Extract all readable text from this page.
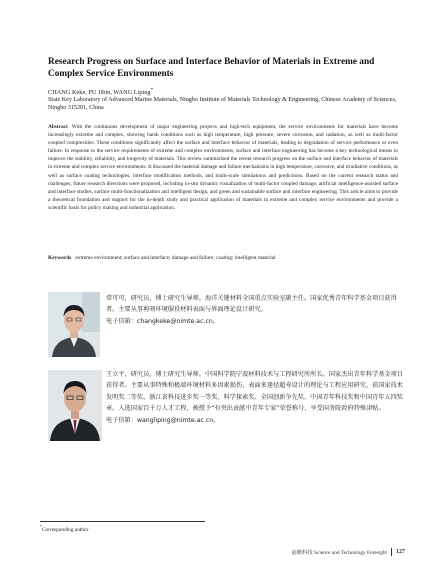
Research Progress on Surface and Interface Behavior of Materials in Extreme and Complex Service Environments
CHANG Keke, PU Jibin, WANG Liping*
State Key Laboratory of Advanced Marine Materials, Ningbo Institute of Materials Technology & Engineering, Chinese Academy of Sciences, Ningbo 315201, China
Abstract With the continuous development of major engineering projects and high-tech equipment, the service environments for materials have become increasingly extreme and complex, showing harsh conditions such as high temperature, high pressure, severe corrosion, and radiation, as well as multi-factor coupled complexities. These conditions significantly affect the surface and interface behavior of materials, leading to degradation of service performance or even failure. In response to the service requirements of extreme and complex environments, surface and interface engineering has become a key technological means to improve the stability, reliability, and longevity of materials. This review summarized the recent research progress on the surface and interface behavior of materials in extreme and complex service environments. It discussed the material damage and failure mechanisms in high temperature, corrosive, and irradiative conditions, as well as surface coating technologies, interface modification methods, and multi-scale simulations and predictions. Based on the current research status and challenges, future research directions were proposed, including in-situ dynamic visualization of multi-factor coupled damage, artificial intelligence-assisted surface and interface studies, surface multi-functionalization and intelligent design, and green and sustainable surface and interface engineering. This article aims to provide a theoretical foundation and support for the in-depth study and practical application of materials in extreme and complex service environments and provide a scientific basis for policy making and industrial application.
Keywords extreme environment; surface and interface; damage and failure; coating; intelligent material
常可可，研究员，博士研究生导师。海洋关键材料全国重点实验室副主任。国家优秀青年科学基金项目获得者。主要从事剪刻环境服役材料表面与界面理论设计研究。
电子信箱：changkeke@nimte.ac.cn。
王立平，研究员，博士研究生导师。中国科学院宁波材料技术与工程研究所所长。国家杰出青年科学基金项目获得者。主要从事特殊和极端环境材料多因素损伤、表面多逢径超寿设计的理论与工程应用研究。获国家技术发明奖二等奖、浙江省科技进步奖一等奖、科学探索奖、全国创新争先奖、中国青年科技奖和中国青年五四奖章。入选国家百千万人才工程，被授予“有突出贡献中青年专家”荣誉称号，享受国务院政府特殊津贴。
电子信箱：wangliping@nimte.ac.cn。
*Corresponding author
前瞻科技 Science and Technology Foresight 127
